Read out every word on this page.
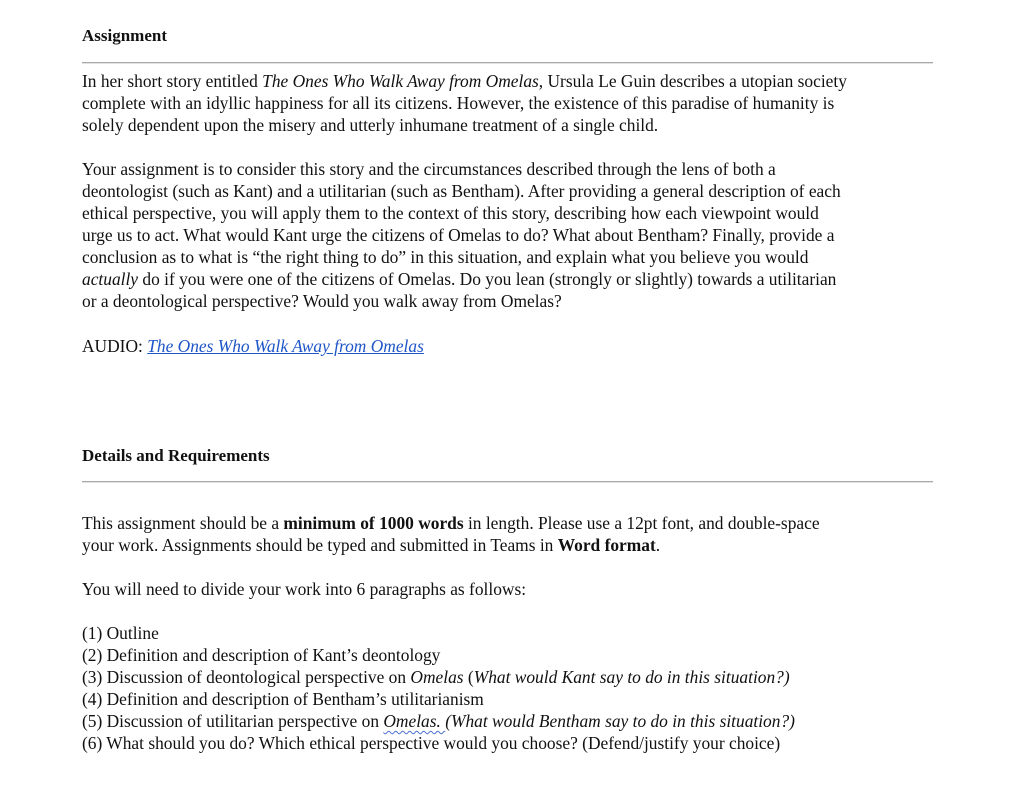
Assignment
In her short story entitled The Ones Who Walk Away from Omelas, Ursula Le Guin describes a utopian society
complete with an idyllic happiness for all its citizens. However, the existence of this paradise of humanity is
solely dependent upon the misery and utterly inhumane treatment of a single child.
Your assignment is to consider this story and the circumstances described through the lens of both a
deontologist (such as Kant) and a utilitarian (such as Bentham). After providing a general description of each
ethical perspective, you will apply them to the context of this story, describing how each viewpoint would
urge us to act. What would Kant urge the citizens of Omelas to do? What about Bentham? Finally, provide a
conclusion as to what is “the right thing to do” in this situation, and explain what you believe you would
actually do if you were one of the citizens of Omelas. Do you lean (strongly or slightly) towards a utilitarian
or a deontological perspective? Would you walk away from Omelas?
AUDIO: The Ones Who Walk Away from Omelas
Details and Requirements
This assignment should be a minimum of 1000 words in length. Please use a 12pt font, and double-space
your work. Assignments should be typed and submitted in Teams in Word format.
You will need to divide your work into 6 paragraphs as follows:
(1) Outline
(2) Definition and description of Kant’s deontology
(3) Discussion of deontological perspective on Omelas (What would Kant say to do in this situation?)
(4) Definition and description of Bentham’s utilitarianism
(5) Discussion of utilitarian perspective on Omelas. (What would Bentham say to do in this situation?)
(6) What should you do? Which ethical perspective would you choose? (Defend/justify your choice)
